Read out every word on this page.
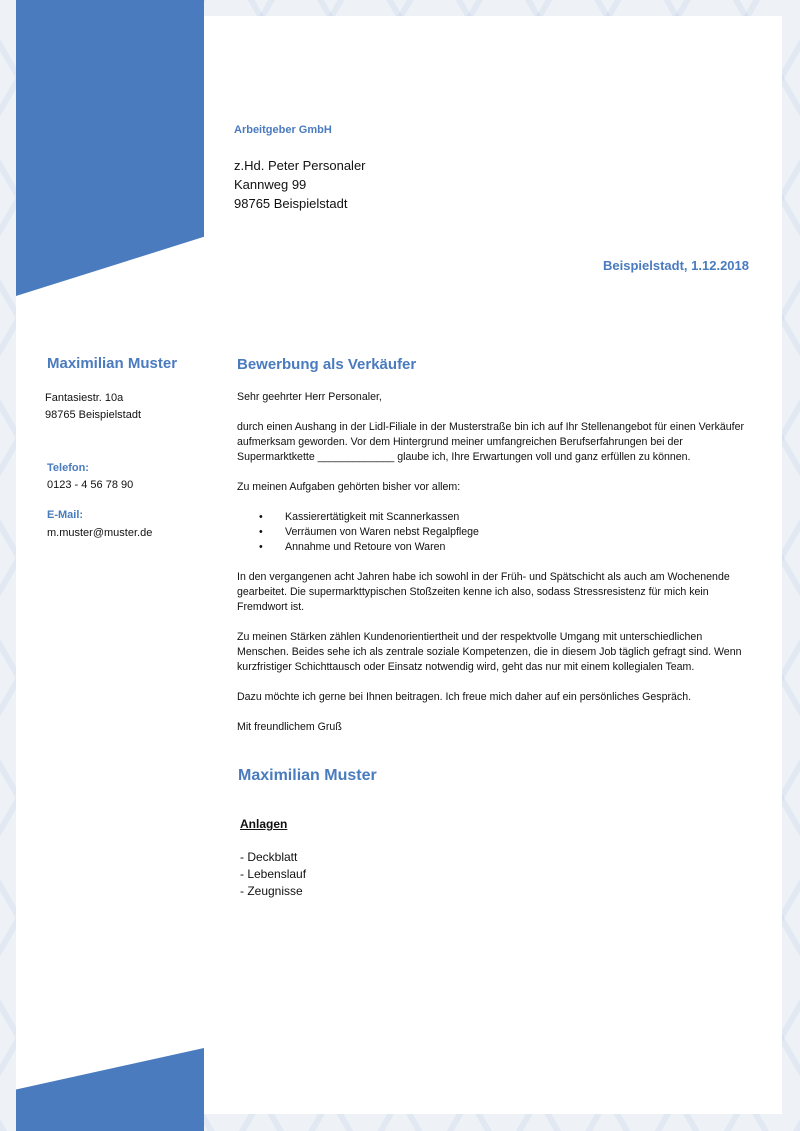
Arbeitgeber GmbH
z.Hd. Peter Personaler
Kannweg 99
98765 Beispielstadt
Beispielstadt, 1.12.2018
Maximilian Muster
Fantasiestr. 10a
98765 Beispielstadt
Telefon:
0123 - 4 56 78 90
E-Mail:
m.muster@muster.de
Bewerbung als Verkäufer

Sehr geehrter Herr Personaler,

durch einen Aushang in der Lidl-Filiale in der Musterstraße bin ich auf Ihr Stellenangebot für einen Verkäufer aufmerksam geworden. Vor dem Hintergrund meiner umfangreichen Berufserfahrungen bei der Supermarktkette _____________ glaube ich, Ihre Erwartungen voll und ganz erfüllen zu können.

Zu meinen Aufgaben gehörten bisher vor allem:

• Kassierertätigkeit mit Scannerkassen
• Verräumen von Waren nebst Regalpflege
• Annahme und Retoure von Waren

In den vergangenen acht Jahren habe ich sowohl in der Früh- und Spätschicht als auch am Wochenende gearbeitet. Die supermarkttypischen Stoßzeiten kenne ich also, sodass Stressresistenz für mich kein Fremdwort ist.

Zu meinen Stärken zählen Kundenorientiertheit und der respektvolle Umgang mit unterschiedlichen Menschen. Beides sehe ich als zentrale soziale Kompetenzen, die in diesem Job täglich gefragt sind. Wenn kurzfristiger Schichttausch oder Einsatz notwendig wird, geht das nur mit einem kollegialen Team.

Dazu möchte ich gerne bei Ihnen beitragen. Ich freue mich daher auf ein persönliches Gespräch.

Mit freundlichem Gruß

Maximilian Muster
Anlagen
- Deckblatt
- Lebenslauf
- Zeugnisse
